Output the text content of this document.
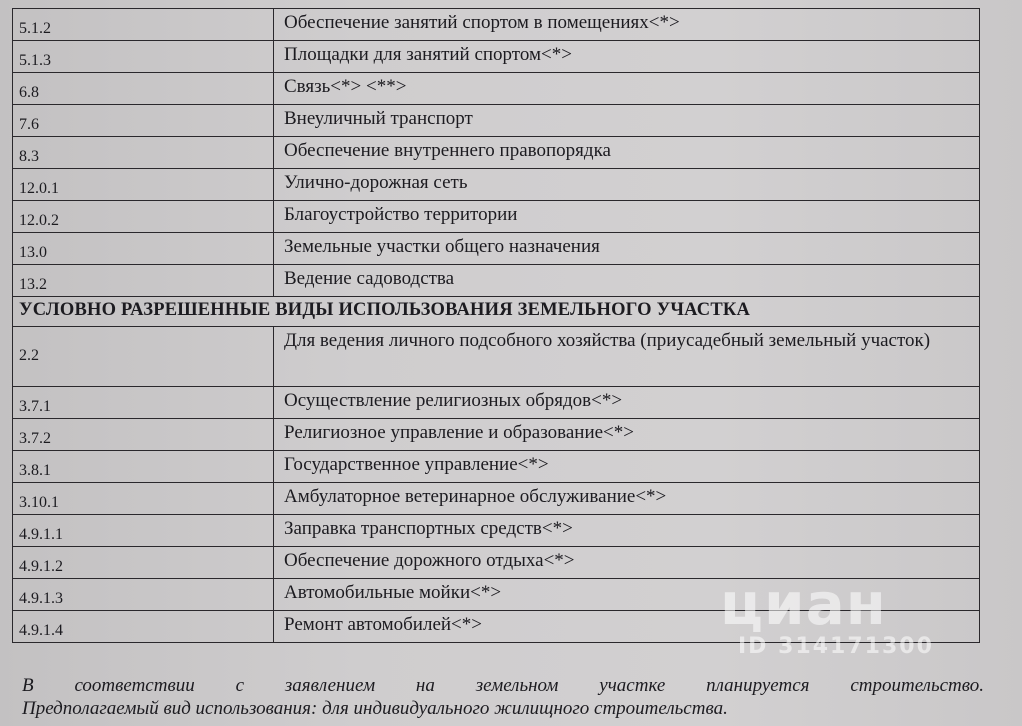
5.1.2	Обеспечение занятий спортом в помещениях<*>
5.1.3	Площадки для занятий спортом<*>
6.8	Связь<*> <**>
7.6	Внеуличный транспорт
8.3	Обеспечение внутреннего правопорядка
12.0.1	Улично-дорожная сеть
12.0.2	Благоустройство территории
13.0	Земельные участки общего назначения
13.2	Ведение садоводства
УСЛОВНО РАЗРЕШЕННЫЕ ВИДЫ ИСПОЛЬЗОВАНИЯ ЗЕМЕЛЬНОГО УЧАСТКА	
2.2	Для ведения личного подсобного хозяйства (приусадебный земельный участок)
3.7.1	Осуществление религиозных обрядов<*>
3.7.2	Религиозное управление и образование<*>
3.8.1	Государственное управление<*>
3.10.1	Амбулаторное ветеринарное обслуживание<*>
4.9.1.1	Заправка транспортных средств<*>
4.9.1.2	Обеспечение дорожного отдыха<*>
4.9.1.3	Автомобильные мойки<*>
4.9.1.4	Ремонт автомобилей<*>
В соответствии с заявлением на земельном участке планируется строительство.
Предполагаемый вид использования: для индивидуального жилищного строительства.
циан
ID 314171300
